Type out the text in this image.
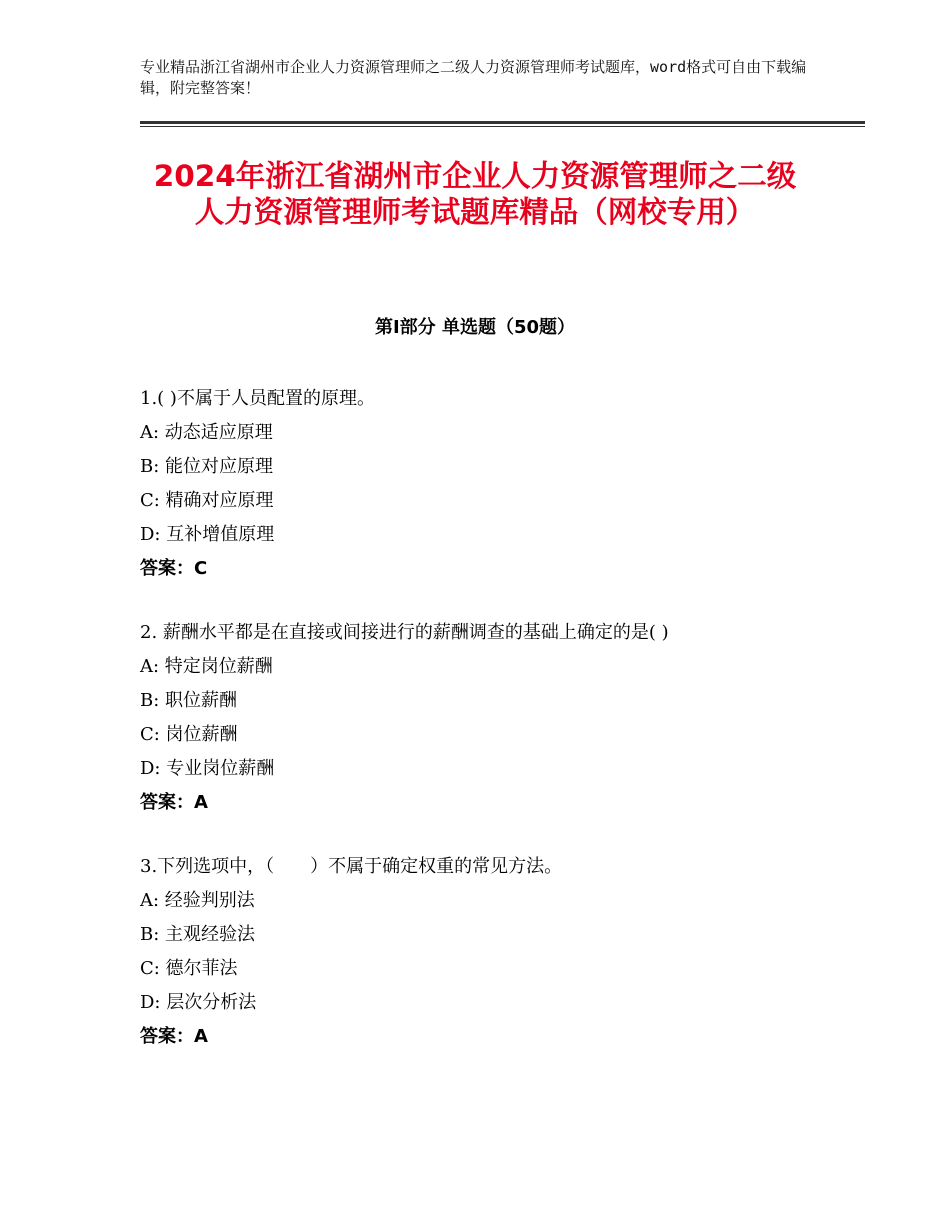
专业精品浙江省湖州市企业人力资源管理师之二级人力资源管理师考试题库，word格式可自由下载编辑，附完整答案！
2024年浙江省湖州市企业人力资源管理师之二级人力资源管理师考试题库精品（网校专用）
第Ⅰ部分 单选题（50题）
1.( )不属于人员配置的原理。
A: 动态适应原理
B: 能位对应原理
C: 精确对应原理
D: 互补增值原理
答案：C
2. 薪酬水平都是在直接或间接进行的薪酬调查的基础上确定的是( )
A: 特定岗位薪酬
B: 职位薪酬
C: 岗位薪酬
D: 专业岗位薪酬
答案：A
3.下列选项中，（　　）不属于确定权重的常见方法。
A: 经验判别法
B: 主观经验法
C: 德尔菲法
D: 层次分析法
答案：A
